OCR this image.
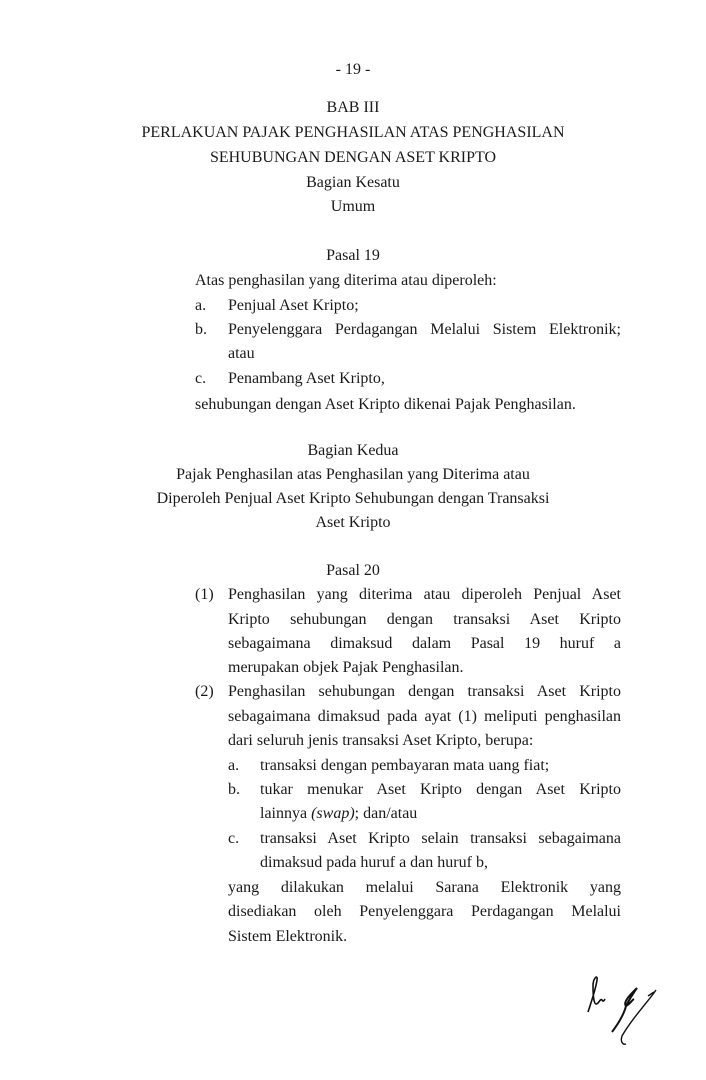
- 19 -
BAB III
PERLAKUAN PAJAK PENGHASILAN ATAS PENGHASILAN
SEHUBUNGAN DENGAN ASET KRIPTO
Bagian Kesatu
Umum
Pasal 19
Atas penghasilan yang diterima atau diperoleh:
a. Penjual Aset Kripto;
b. Penyelenggara Perdagangan Melalui Sistem Elektronik;
atau
c. Penambang Aset Kripto,
sehubungan dengan Aset Kripto dikenai Pajak Penghasilan.
Bagian Kedua
Pajak Penghasilan atas Penghasilan yang Diterima atau
Diperoleh Penjual Aset Kripto Sehubungan dengan Transaksi
Aset Kripto
Pasal 20
(1) Penghasilan yang diterima atau diperoleh Penjual Aset
Kripto sehubungan dengan transaksi Aset Kripto
sebagaimana dimaksud dalam Pasal 19 huruf a
merupakan objek Pajak Penghasilan.
(2) Penghasilan sehubungan dengan transaksi Aset Kripto
sebagaimana dimaksud pada ayat (1) meliputi penghasilan
dari seluruh jenis transaksi Aset Kripto, berupa:
a. transaksi dengan pembayaran mata uang fiat;
b. tukar menukar Aset Kripto dengan Aset Kripto
lainnya (swap); dan/atau
c. transaksi Aset Kripto selain transaksi sebagaimana
dimaksud pada huruf a dan huruf b,
yang dilakukan melalui Sarana Elektronik yang
disediakan oleh Penyelenggara Perdagangan Melalui
Sistem Elektronik.
